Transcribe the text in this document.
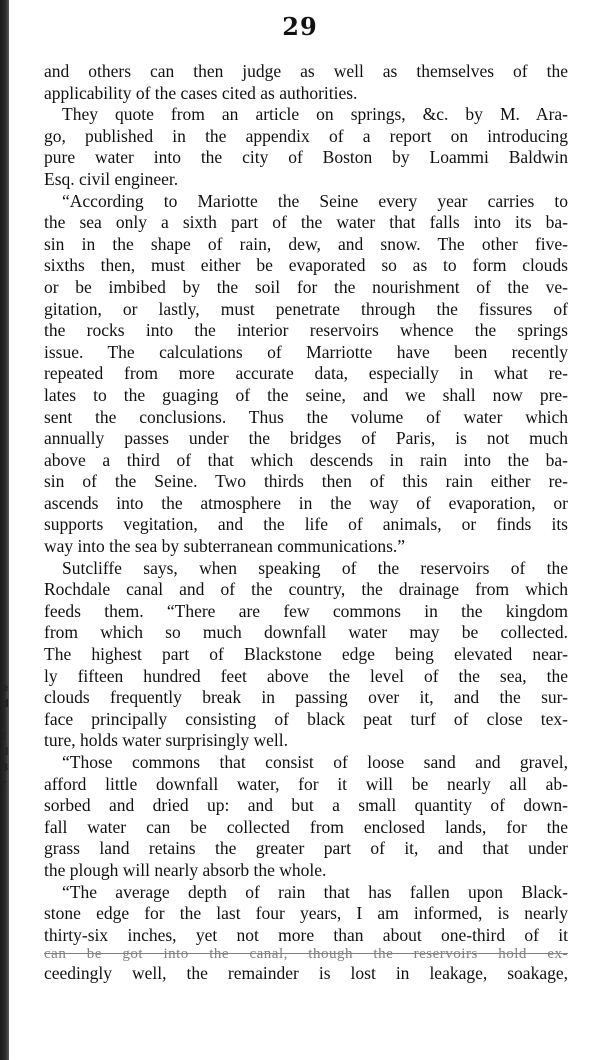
e
d
l
t
ll
3
r
29
and others can then judge as well as themselves of the
applicability of the cases cited as authorities.
They quote from an article on springs, &c. by M. Ara-
go, published in the appendix of a report on introducing
pure water into the city of Boston by Loammi Baldwin
Esq. civil engineer.
“According to Mariotte the Seine every year carries to
the sea only a sixth part of the water that falls into its ba-
sin in the shape of rain, dew, and snow. The other five-
sixths then, must either be evaporated so as to form clouds
or be imbibed by the soil for the nourishment of the ve-
gitation, or lastly, must penetrate through the fissures of
the rocks into the interior reservoirs whence the springs
issue. The calculations of Marriotte have been recently
repeated from more accurate data, especially in what re-
lates to the guaging of the seine, and we shall now pre-
sent the conclusions. Thus the volume of water which
annually passes under the bridges of Paris, is not much
above a third of that which descends in rain into the ba-
sin of the Seine. Two thirds then of this rain either re-
ascends into the atmosphere in the way of evaporation, or
supports vegitation, and the life of animals, or finds its
way into the sea by subterranean communications.”
Sutcliffe says, when speaking of the reservoirs of the
Rochdale canal and of the country, the drainage from which
feeds them. “There are few commons in the kingdom
from which so much downfall water may be collected.
The highest part of Blackstone edge being elevated near-
ly fifteen hundred feet above the level of the sea, the
clouds frequently break in passing over it, and the sur-
face principally consisting of black peat turf of close tex-
ture, holds water surprisingly well.
“Those commons that consist of loose sand and gravel,
afford little downfall water, for it will be nearly all ab-
sorbed and dried up: and but a small quantity of down-
fall water can be collected from enclosed lands, for the
grass land retains the greater part of it, and that under
the plough will nearly absorb the whole.
“The average depth of rain that has fallen upon Black-
stone edge for the last four years, I am informed, is nearly
thirty-six inches, yet not more than about one-third of it
can be got into the canal, though the reservoirs hold ex-
ceedingly well, the remainder is lost in leakage, soakage,
